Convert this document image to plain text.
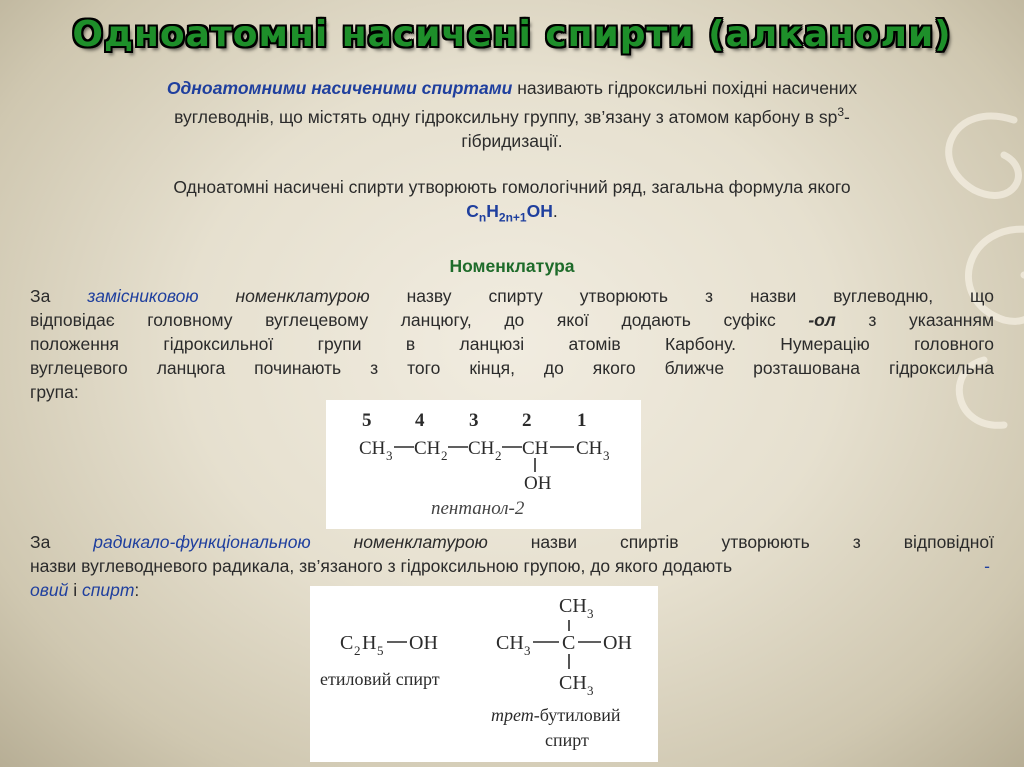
Одноатомні насичені спирти (алканоли)
Одноатомними насиченими спиртами називають гідроксильні похідні насичених
вуглеводнів, що містять одну гідроксильну группу, зв’язану з атомом карбону в $sp^3-$
гібридизації.
Одноатомні насичені спирти утворюють гомологічний ряд, загальна формула якого
$C_nH_{2n+1}OH$.
Номенклатура
За замісниковою номенклатурою назву спирту утворюють з назви вуглеводню, що
відповідає головному вуглецевому ланцюгу, до якої додають суфікс -ол з указанням
положення гідроксильної групи в ланцюзі атомів Карбону. Нумерацію головного
вуглецевого ланцюга починають з того кінця, до якого ближче розташована гідроксильна
група:
5 4 3 2 1
CH 3 CH 2 CH 2 CH CH 3
OH
пентанол-2
За радикало-функціональною номенклатурою назви спиртів утворюють з відповідної
назви вуглеводневого радикала, зв’язаного з гідроксильною групою, до якого додають	-
овий і спирт:
C 2 H 5 OH
етиловий спирт
CH 3
CH 3 C OH
CH 3
трет-бутиловий
спирт
